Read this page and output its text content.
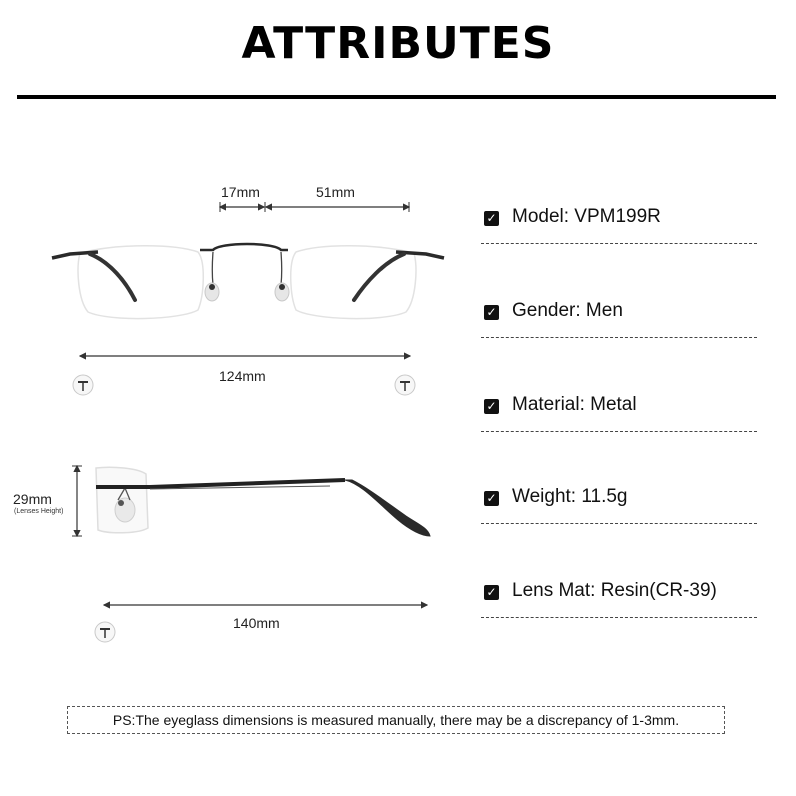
ATTRIBUTES
17mm	51mm
124mm
29mm
(Lenses Height)
140mm
✓ Model: VPM199R
✓ Gender: Men
✓ Material: Metal
✓ Weight: 11.5g
✓ Lens Mat: Resin(CR-39)
PS:The eyeglass dimensions is measured manually, there may be a discrepancy of 1-3mm.
